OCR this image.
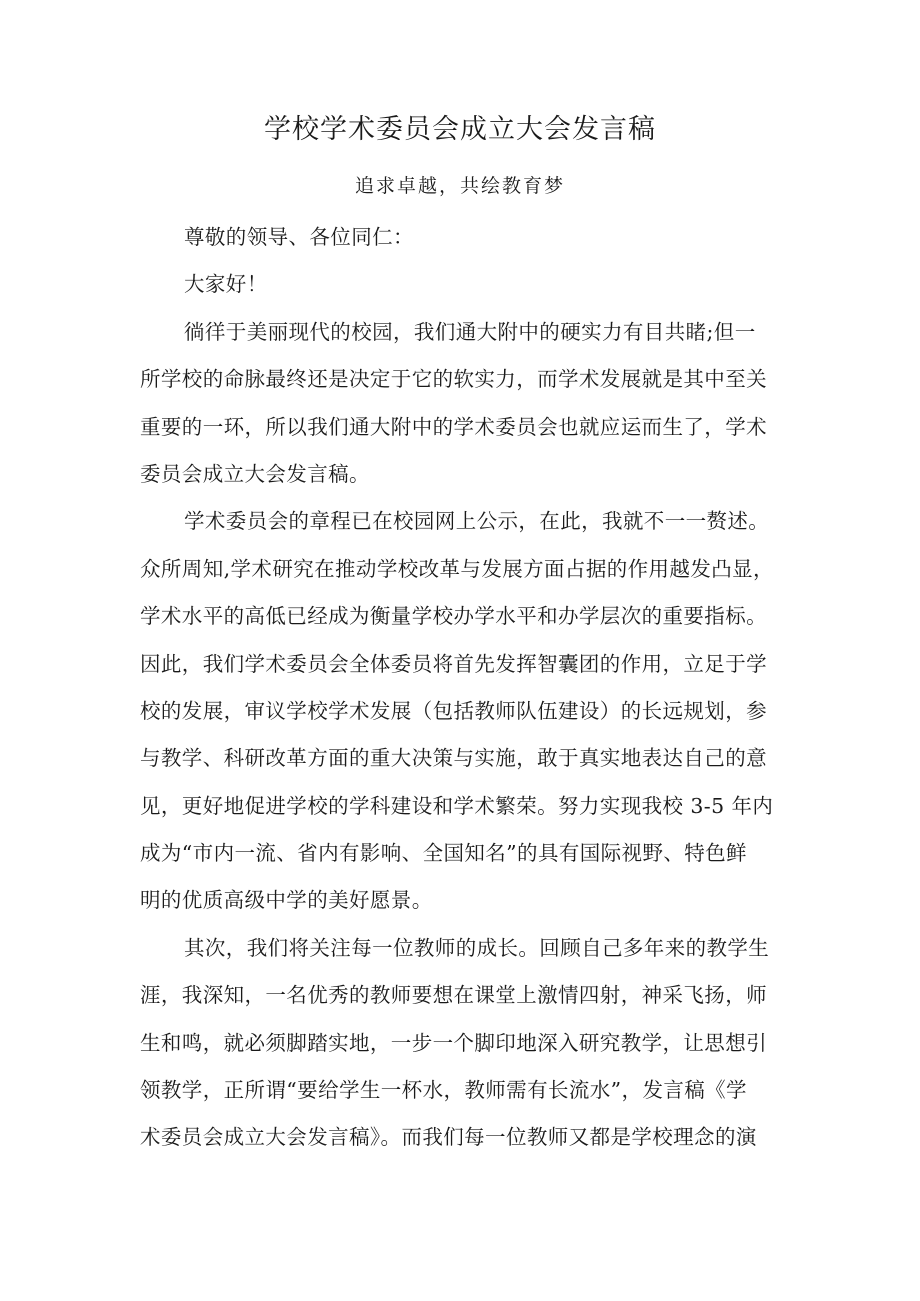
学校学术委员会成立大会发言稿

追求卓越，共绘教育梦

尊敬的领导、各位同仁：
大家好！
徜徉于美丽现代的校园，我们通大附中的硬实力有目共睹;但一
所学校的命脉最终还是决定于它的软实力，而学术发展就是其中至关
重要的一环，所以我们通大附中的学术委员会也就应运而生了，学术
委员会成立大会发言稿。
学术委员会的章程已在校园网上公示，在此，我就不一一赘述。
众所周知,学术研究在推动学校改革与发展方面占据的作用越发凸显，
学术水平的高低已经成为衡量学校办学水平和办学层次的重要指标。
因此，我们学术委员会全体委员将首先发挥智囊团的作用，立足于学
校的发展，审议学校学术发展（包括教师队伍建设）的长远规划，参
与教学、科研改革方面的重大决策与实施，敢于真实地表达自己的意
见，更好地促进学校的学科建设和学术繁荣。努力实现我校 3-5 年内
成为“市内一流、省内有影响、全国知名”的具有国际视野、特色鲜
明的优质高级中学的美好愿景。
其次，我们将关注每一位教师的成长。回顾自己多年来的教学生
涯，我深知，一名优秀的教师要想在课堂上激情四射，神采飞扬，师
生和鸣，就必须脚踏实地，一步一个脚印地深入研究教学，让思想引
领教学，正所谓“要给学生一杯水，教师需有长流水”，发言稿《学
术委员会成立大会发言稿》。而我们每一位教师又都是学校理念的演
